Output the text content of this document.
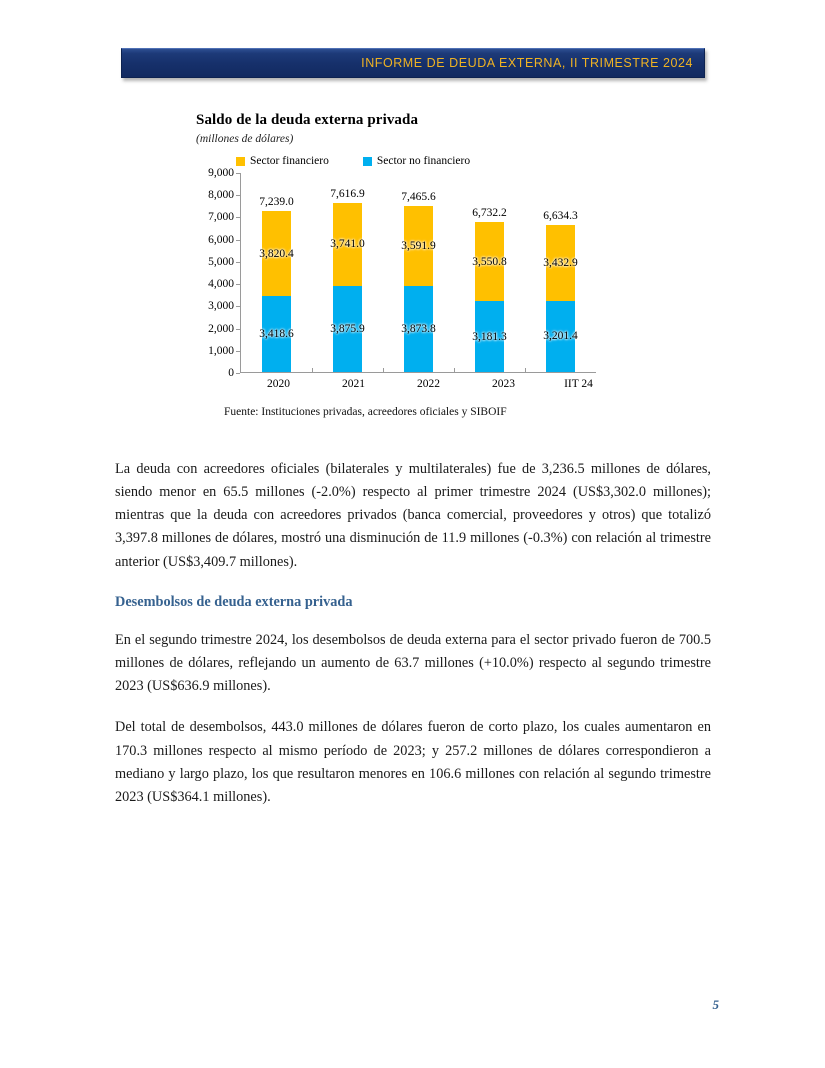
INFORME DE DEUDA EXTERNA, II TRIMESTRE 2024
Saldo de la deuda externa privada
(millones de dólares)
Sector financiero	Sector no financiero
0
1,000
2,000
3,000
4,000
5,000
6,000
7,000
8,000
9,000
7,239.0
3,820.4
3,418.6
7,616.9
3,741.0
3,875.9
7,465.6
3,591.9
3,873.8
6,732.2
3,550.8
3,181.3
6,634.3
3,432.9
3,201.4
2020	2021	2022	2023	IIT 24
Fuente: Instituciones privadas, acreedores oficiales y SIBOIF

La deuda con acreedores oficiales (bilaterales y multilaterales) fue de 3,236.5 millones de dólares, siendo menor en 65.5 millones (-2.0%) respecto al primer trimestre 2024 (US$3,302.0 millones); mientras que la deuda con acreedores privados (banca comercial, proveedores y otros) que totalizó 3,397.8 millones de dólares, mostró una disminución de 11.9 millones (-0.3%) con relación al trimestre anterior (US$3,409.7 millones).

Desembolsos de deuda externa privada

En el segundo trimestre 2024, los desembolsos de deuda externa para el sector privado fueron de 700.5 millones de dólares, reflejando un aumento de 63.7 millones (+10.0%) respecto al segundo trimestre 2023 (US$636.9 millones).

Del total de desembolsos, 443.0 millones de dólares fueron de corto plazo, los cuales aumentaron en 170.3 millones respecto al mismo período de 2023; y 257.2 millones de dólares correspondieron a mediano y largo plazo, los que resultaron menores en 106.6 millones con relación al segundo trimestre 2023 (US$364.1 millones).

5
